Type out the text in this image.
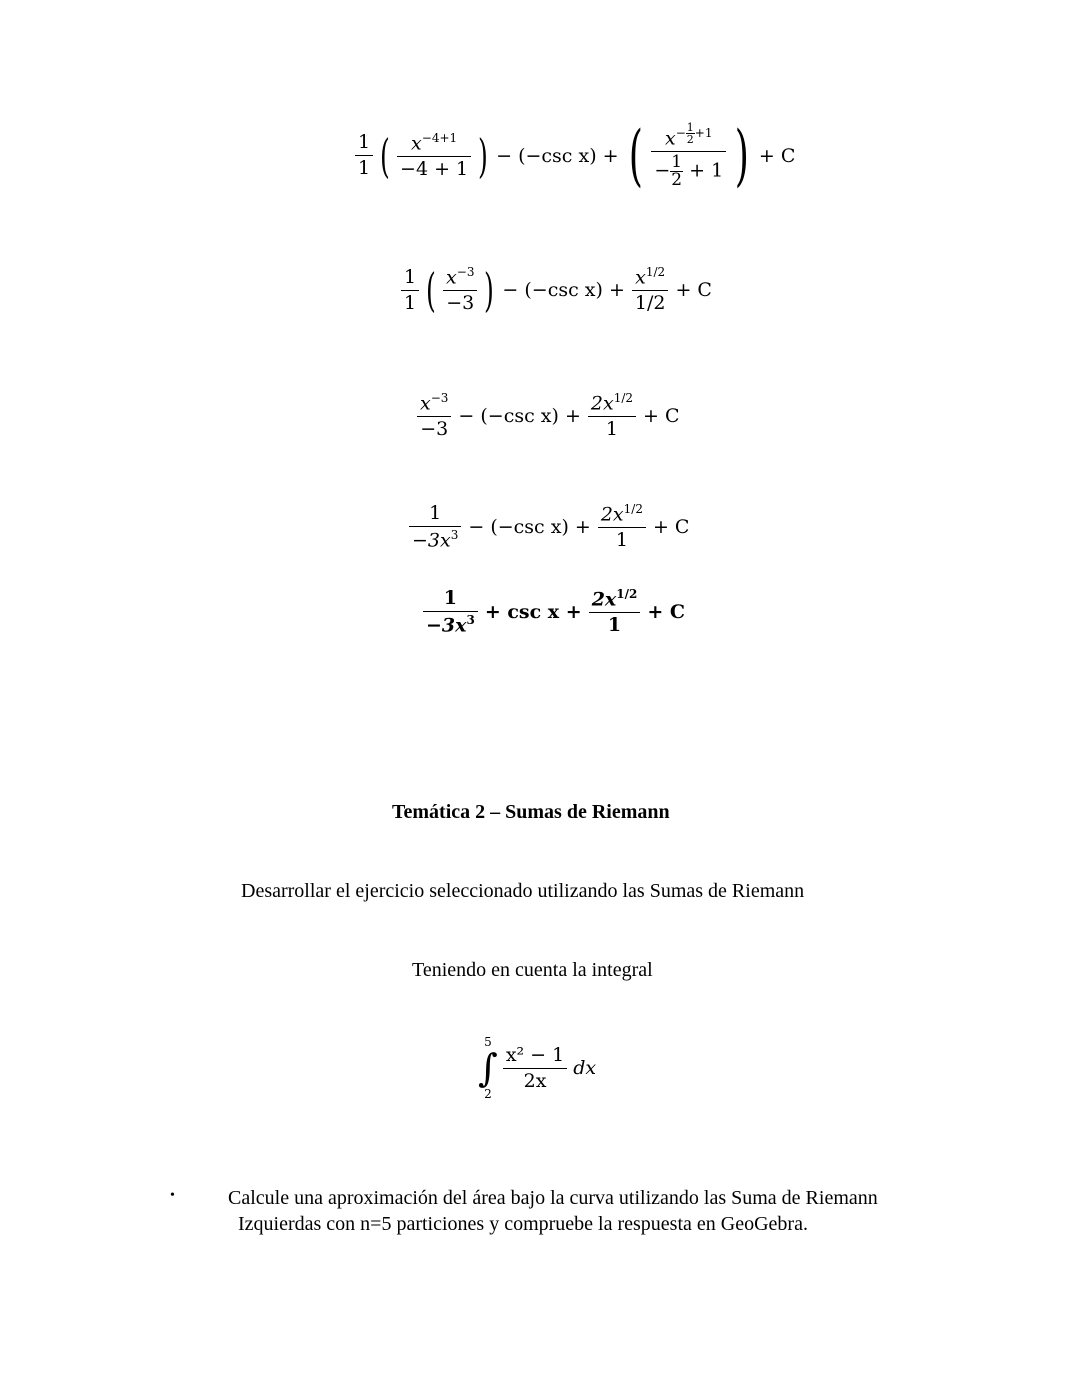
$\frac{1}{1}$ ( $\frac{x^{-4+1}}{-4 + 1}$ ) − (−csc x) + ( $x^{- \frac{1}{2} +1}$
− $\frac{1}{2} + 1$ ) + C
$\frac{1}{1}$ ( $\frac{x^{-3}}{-3}$ ) − (−csc $x) + \frac{x^{1/2}}{1/2} + C$
$\frac{x^{-3}}{-3} - (-\csc$ $x) + \frac{2x^{1/2}}{1} + C$
$\frac{1}{-3x^3} - (-\csc$ $x) + \frac{2x^{1/2}}{1} + C$
$\frac{1}{-3x^3} + \csc x + \frac{2x^{1/2}}{1} + C$
Temática 2 – Sumas de Riemann
Desarrollar el ejercicio seleccionado utilizando las Sumas de Riemann
Teniendo en cuenta la integral
5
∫
2
$\frac{\text{x² − 1}}{2x}$ dx
•	Calcule una aproximación del área bajo la curva utilizando las Suma de Riemann
Izquierdas con n=5 particiones y compruebe la respuesta en GeoGebra.
